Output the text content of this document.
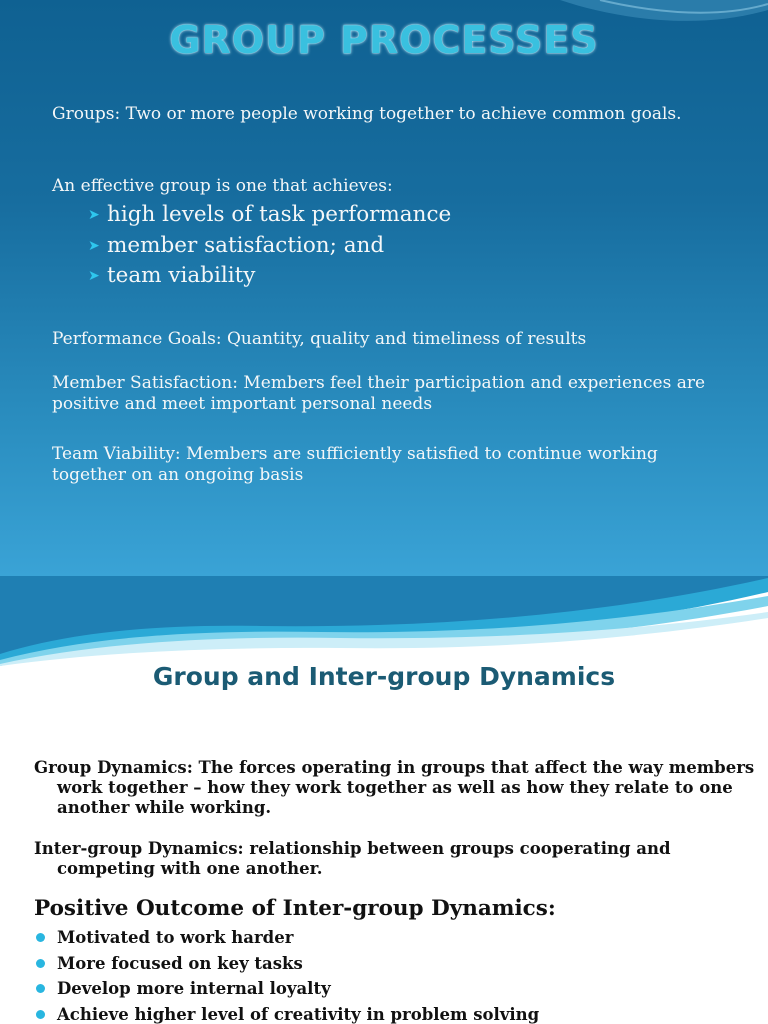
GROUP PROCESSES

Groups: Two or more people working together to achieve common goals.

An effective group is one that achieves:

➤ high levels of task performance
➤ member satisfaction; and
➤ team viability

Performance Goals: Quantity, quality and timeliness of results

Member Satisfaction: Members feel their participation and experiences are positive and meet important personal needs

Team Viability: Members are sufficiently satisfied to continue working together on an ongoing basis

Group and Inter-group Dynamics

Group Dynamics: The forces operating in groups that affect the way members work together – how they work together as well as how they relate to one another while working.

Inter-group Dynamics: relationship between groups cooperating and competing with one another.

Positive Outcome of Inter-group Dynamics:
Motivated to work harder
More focused on key tasks
Develop more internal loyalty
Achieve higher level of creativity in problem solving
